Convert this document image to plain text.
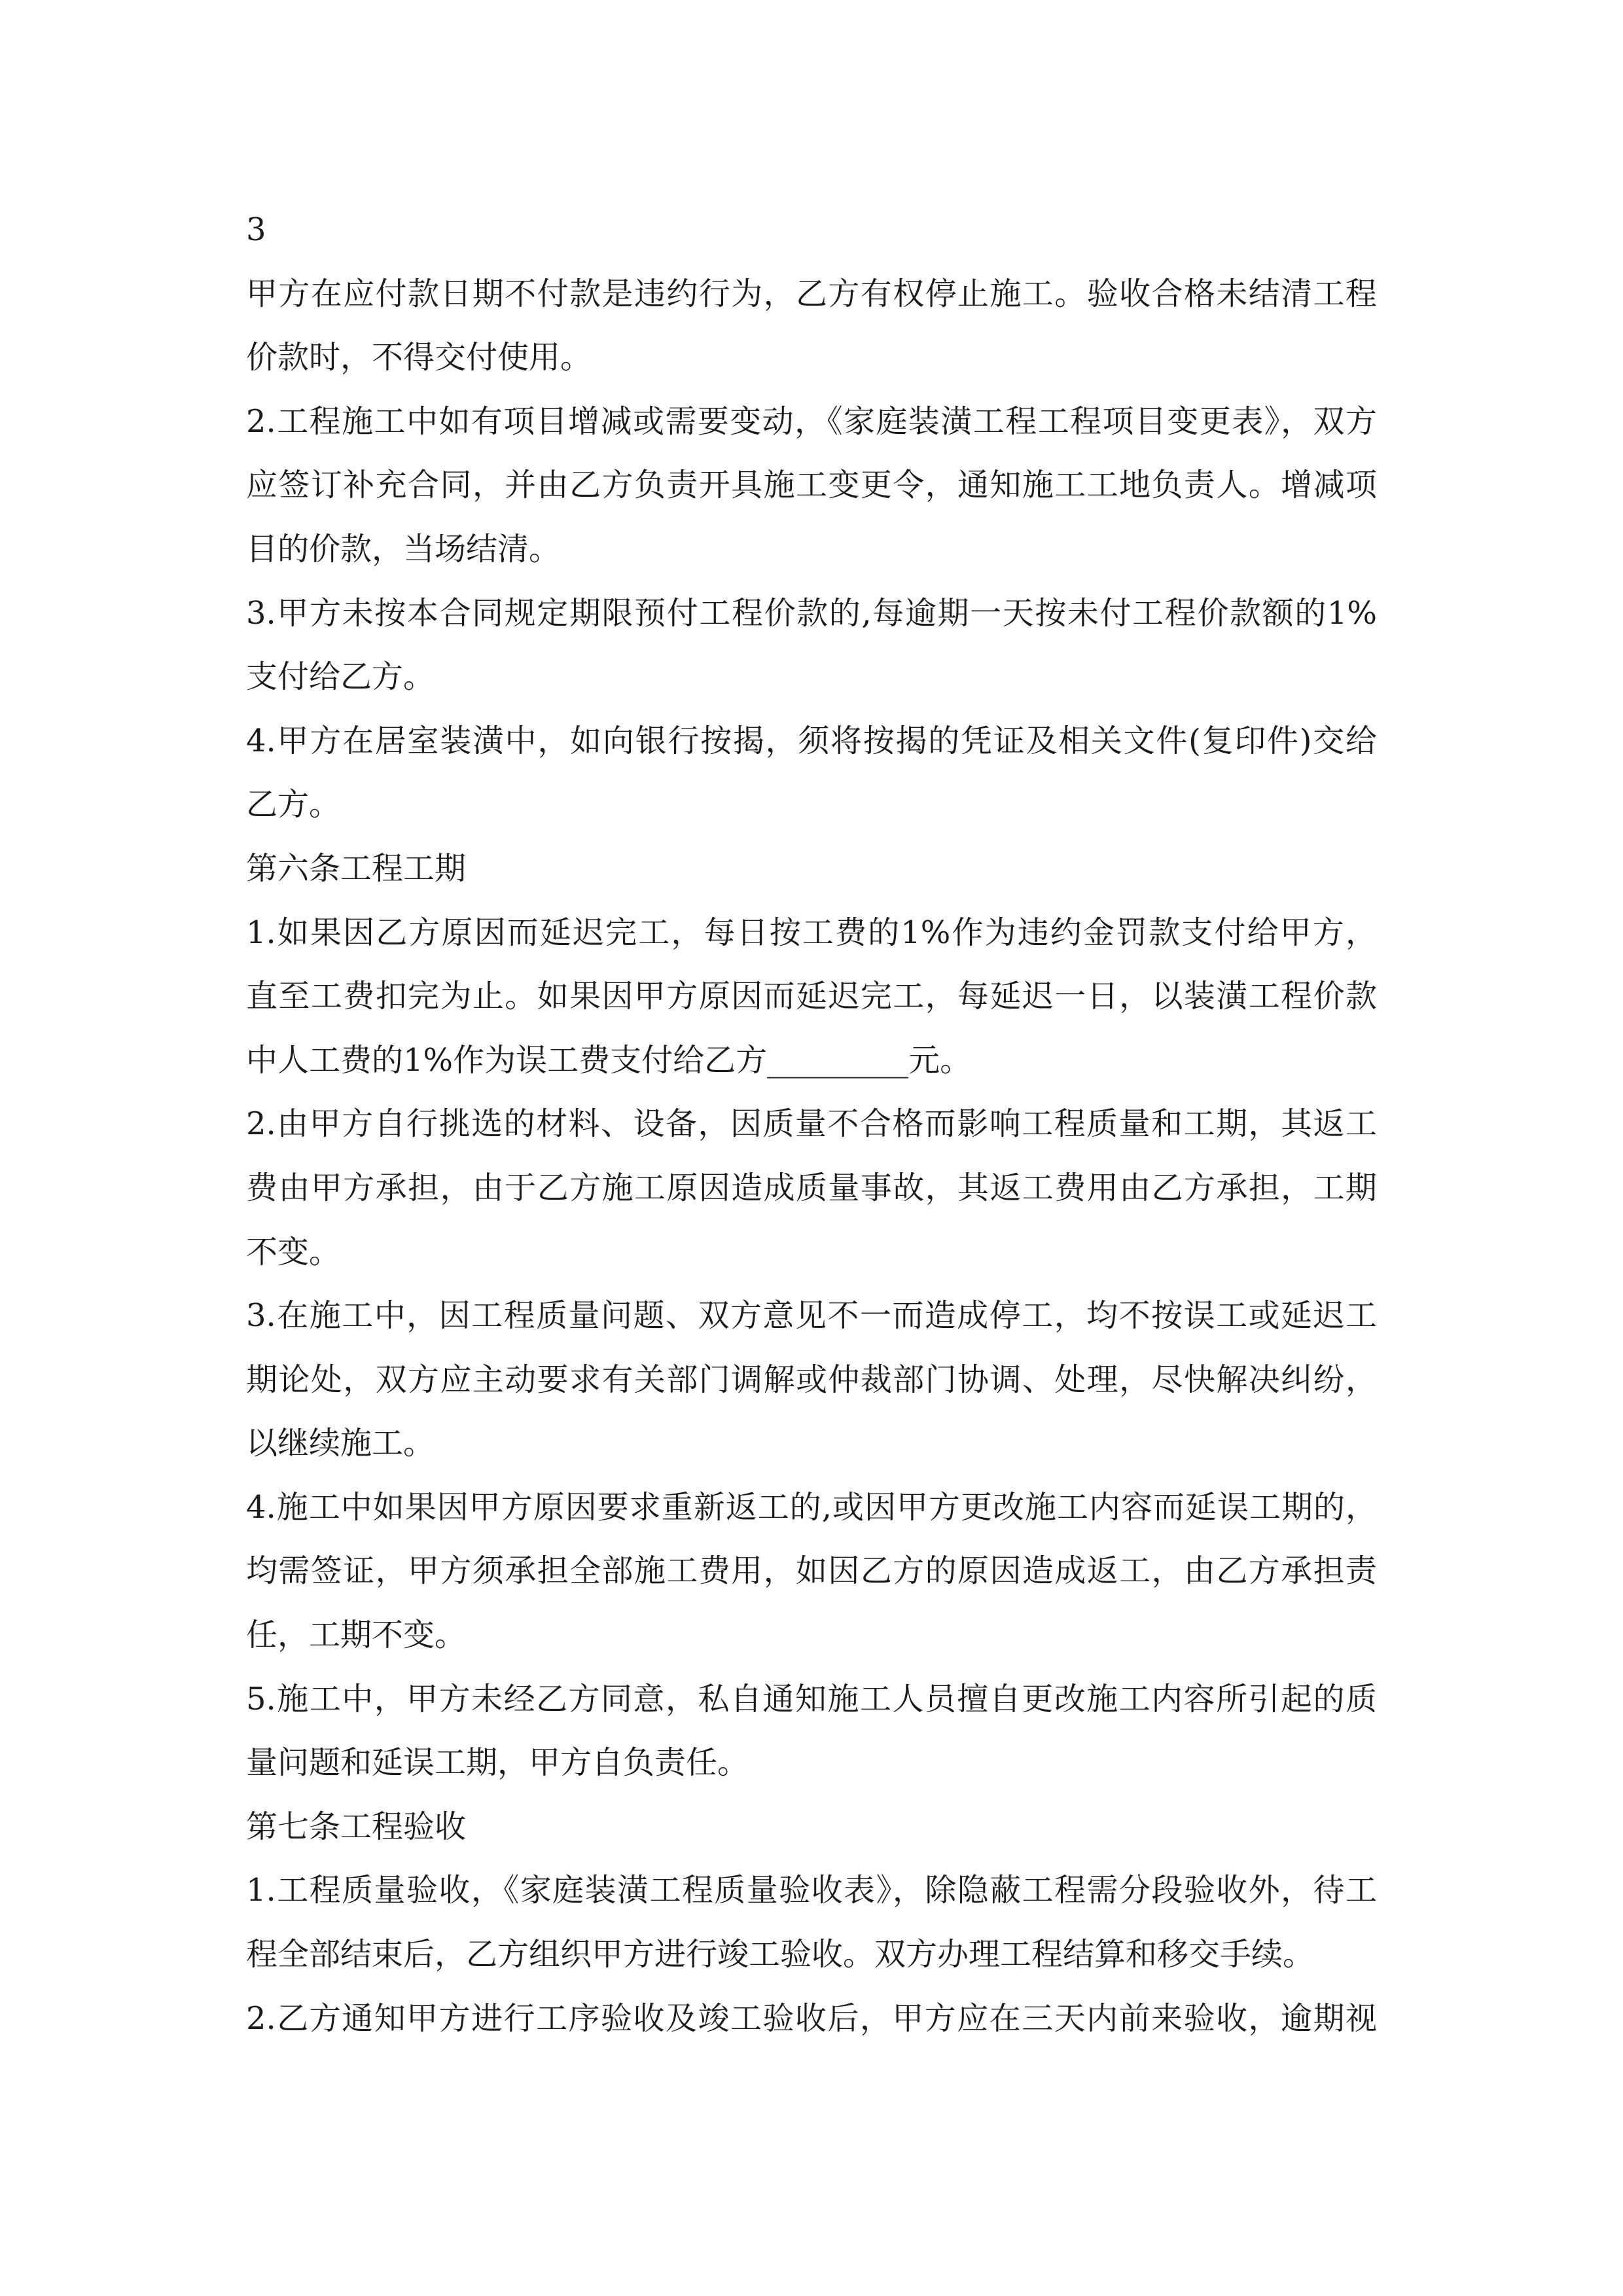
3
甲方在应付款日期不付款是违约行为，乙方有权停止施工。验收合格未结清工程
价款时，不得交付使用。
2.工程施工中如有项目增减或需要变动，《家庭装潢工程工程项目变更表》，双方
应签订补充合同，并由乙方负责开具施工变更令，通知施工工地负责人。增减项
目的价款，当场结清。
3.甲方未按本合同规定期限预付工程价款的,每逾期一天按未付工程价款额的1%
支付给乙方。
4.甲方在居室装潢中，如向银行按揭，须将按揭的凭证及相关文件(复印件)交给
乙方。
第六条工程工期
1.如果因乙方原因而延迟完工，每日按工费的1%作为违约金罚款支付给甲方，
直至工费扣完为止。如果因甲方原因而延迟完工，每延迟一日，以装潢工程价款
中人工费的1%作为误工费支付给乙方_________元。
2.由甲方自行挑选的材料、设备，因质量不合格而影响工程质量和工期，其返工
费由甲方承担，由于乙方施工原因造成质量事故，其返工费用由乙方承担，工期
不变。
3.在施工中，因工程质量问题、双方意见不一而造成停工，均不按误工或延迟工
期论处，双方应主动要求有关部门调解或仲裁部门协调、处理，尽快解决纠纷，
以继续施工。
4.施工中如果因甲方原因要求重新返工的,或因甲方更改施工内容而延误工期的，
均需签证，甲方须承担全部施工费用，如因乙方的原因造成返工，由乙方承担责
任，工期不变。
5.施工中，甲方未经乙方同意，私自通知施工人员擅自更改施工内容所引起的质
量问题和延误工期，甲方自负责任。
第七条工程验收
1.工程质量验收，《家庭装潢工程质量验收表》，除隐蔽工程需分段验收外，待工
程全部结束后，乙方组织甲方进行竣工验收。双方办理工程结算和移交手续。
2.乙方通知甲方进行工序验收及竣工验收后，甲方应在三天内前来验收，逾期视
